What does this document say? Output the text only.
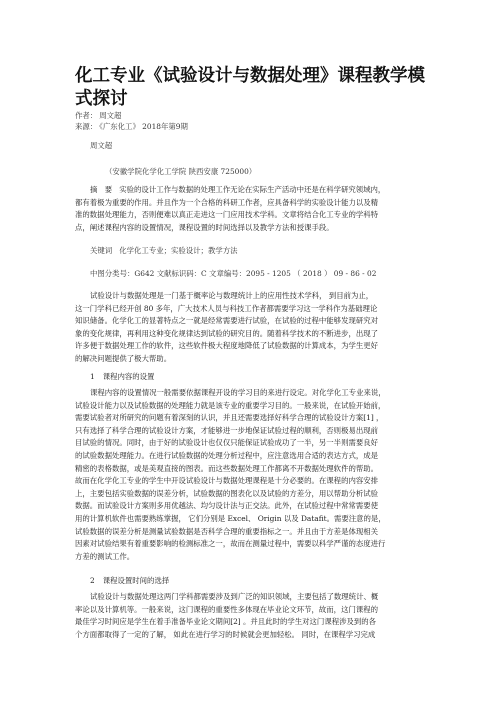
化工专业《试验设计与数据处理》课程教学模式探讨
作者： 周文超
来源： 《广东化工》 2018年第9期
周文超
（安徽学院化学化工学院 陕西安康 725000）
摘　要 实验的设计工作与数据的处理工作无论在实际生产活动中还是在科学研究领域内，
都有着极为重要的作用。并且作为一个合格的科研工作者，应具备科学的实验设计能力以及精
准的数据处理能力，否则便难以真正走进这一门应用技术学科。文章将结合化工专业的学科特
点，阐述课程内容的设置情况，课程设置的时间选择以及教学方法和授课手段。
关键词 化学化工专业；实验设计；教学方法
中图分类号：G642 文献标识码：C 文章编号：2095 - 1205 （ 2018 ） 09 - 86 - 02
试验设计与数据处理是一门基于概率论与数理统计上的应用性技术学科， 到目前为止，
这一门学科已经开创 80 多年，广大技术人员与科技工作者都需要学习这一学科作为基础理论
知识储备。化学化工的显著特点之一就是经常需要进行试验，在试验的过程中能够发现研究对
象的变化规律，再利用这种变化规律达到试验的研究目的。随着科学技术的不断进步，出现了
许多便于数据处理工作的软件，这些软件极大程度地降低了试验数据的计算成本，为学生更好
的解决问题提供了极大帮助。
1 课程内容的设置
课程内容的设置情况一般需要依据课程开设的学习目的来进行设定。对化学化工专业来说，
试验设计能力以及试验数据的处理能力就是该专业的重要学习目的。一般来说，在试验开始前，
需要试验者对所研究的问题有着深刻的认识，并且还需要选择好科学合理的试验设计方案[1] ，
只有选择了科学合理的试验设计方案，才能够进一步地保证试验过程的顺利，否则极易出现前
目试验的情况。同时，由于好的试验设计也仅仅只能保证试验成功了一半，另一半则需要良好
的试验数据处理能力。在进行试验数据的处理分析过程中，应注意选用合适的表达方式，成是
精密的表格数据，或是美观直接的图表。而这些数据处理工作都离不开数据处理软件的帮助。
故而在化学化工专业的学生中开设试验设计与数据处理课程是十分必要的。在课程的内容安排
上，主要包括实验数据的误差分析，试验数据的图表化以及试验的方差分，用以帮助分析试验
数据。而试验设计方案则多用优越法、均匀设计法与正交法。此外，在试验过程中常常需要使
用的计算机软件也需要熟练掌握， 它们分别是 Excel、 Origin 以及 Datafit。需要注意的是，
试验数据的误差分析是测量试验数据是否科学合理的重要指标之一。并且由于方差是体现相关
因素对试验结果有着重要影响的检测标准之一，故而在测量过程中，需要以科学严谨的态度进行
方差的测试工作。
2 课程设置时间的选择
试验设计与数据处理这两门学科都需要涉及到广泛的知识领域，主要包括了数理统计、概
率论以及计算机等。一般来说，这门课程的重要性多体现在毕业论文环节，故而，这门课程的
最佳学习时间应是学生在着手准备毕业论文期间[2] 。并且此时的学生对这门课程涉及到的各
个方面都取得了一定的了解， 如此在进行学习的时候就会更加轻松。 同时，在课程学习完成
